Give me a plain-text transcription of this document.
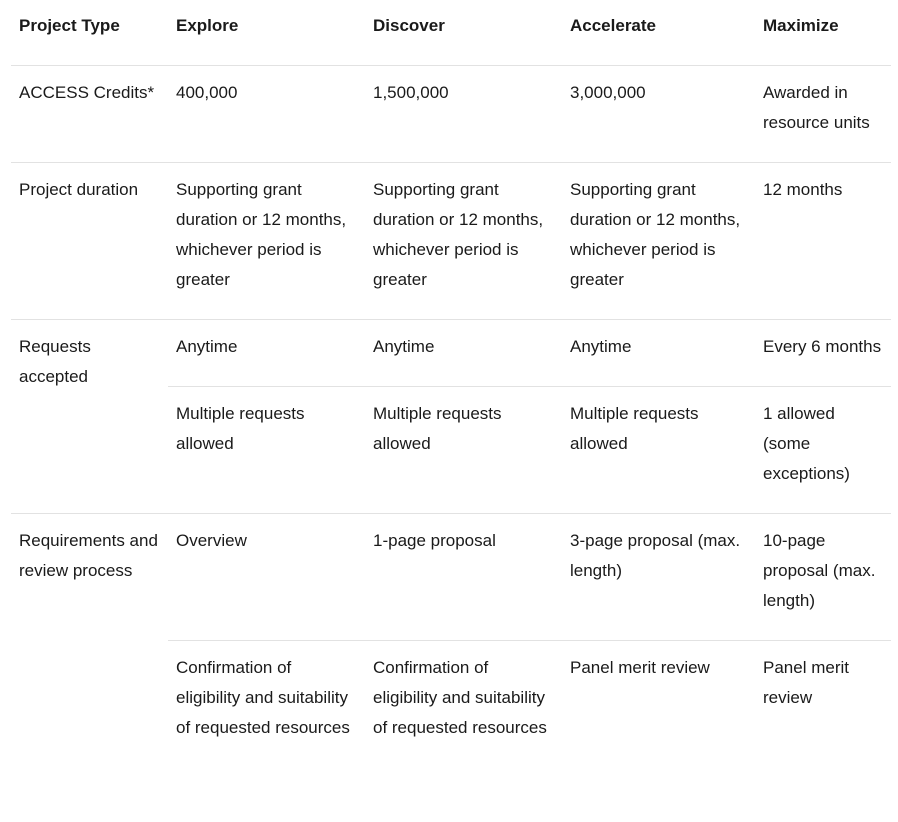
Project Type	Explore	Discover	Accelerate	Maximize
ACCESS Credits*	400,000	1,500,000	3,000,000	Awarded in resource units
Project duration	Supporting grant duration or 12 months, whichever period is greater	Supporting grant duration or 12 months, whichever period is greater	Supporting grant duration or 12 months, whichever period is greater	12 months
Requests accepted	Anytime	Anytime	Anytime	Every 6 months
	Multiple requests allowed	Multiple requests allowed	Multiple requests allowed	1 allowed (some exceptions)
Requirements and review process	Overview	1-page proposal	3-page proposal (max. length)	10-page proposal (max. length)
	Confirmation of eligibility and suitability of requested resources	Confirmation of eligibility and suitability of requested resources	Panel merit review	Panel merit review
